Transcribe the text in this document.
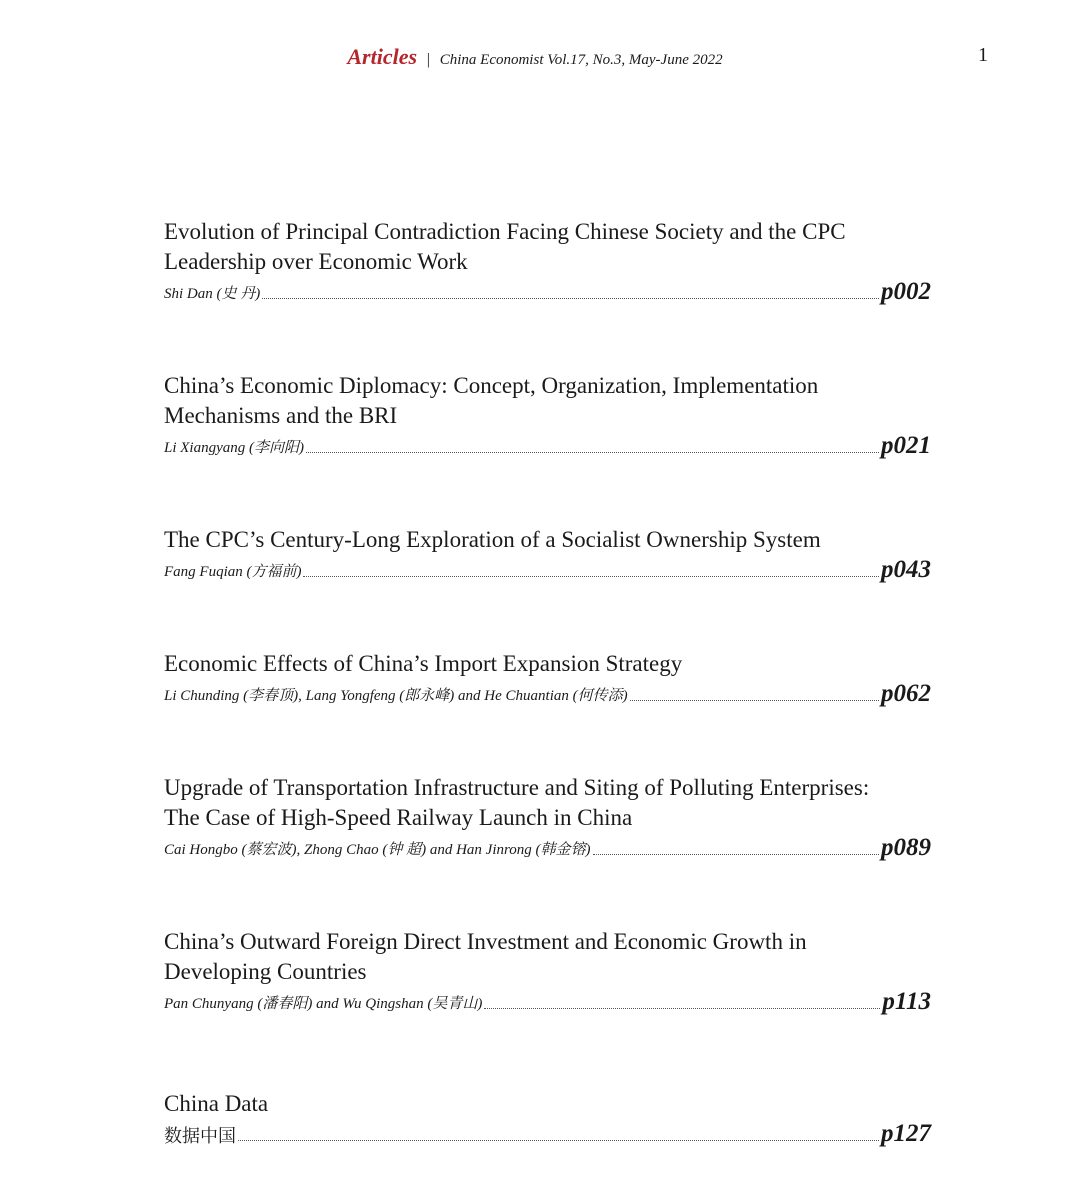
Articles | China Economist Vol.17, No.3, May-June 2022	1

Evolution of Principal Contradiction Facing Chinese Society and the CPC
Leadership over Economic Work

Shi Dan (史 丹)	p002

China’s Economic Diplomacy: Concept, Organization, Implementation
Mechanisms and the BRI

Li Xiangyang (李向阳)	p021

The CPC’s Century-Long Exploration of a Socialist Ownership System

Fang Fuqian (方福前)	p043

Economic Effects of China’s Import Expansion Strategy

Li Chunding (李春顶), Lang Yongfeng (郎永峰) and He Chuantian (何传添)	p062

Upgrade of Transportation Infrastructure and Siting of Polluting Enterprises:
The Case of High-Speed Railway Launch in China

Cai Hongbo (蔡宏波), Zhong Chao (钟 超) and Han Jinrong (韩金镕)	p089

China’s Outward Foreign Direct Investment and Economic Growth in
Developing Countries

Pan Chunyang (潘春阳) and Wu Qingshan (吴青山)	p113

China Data

数据中国	p127
